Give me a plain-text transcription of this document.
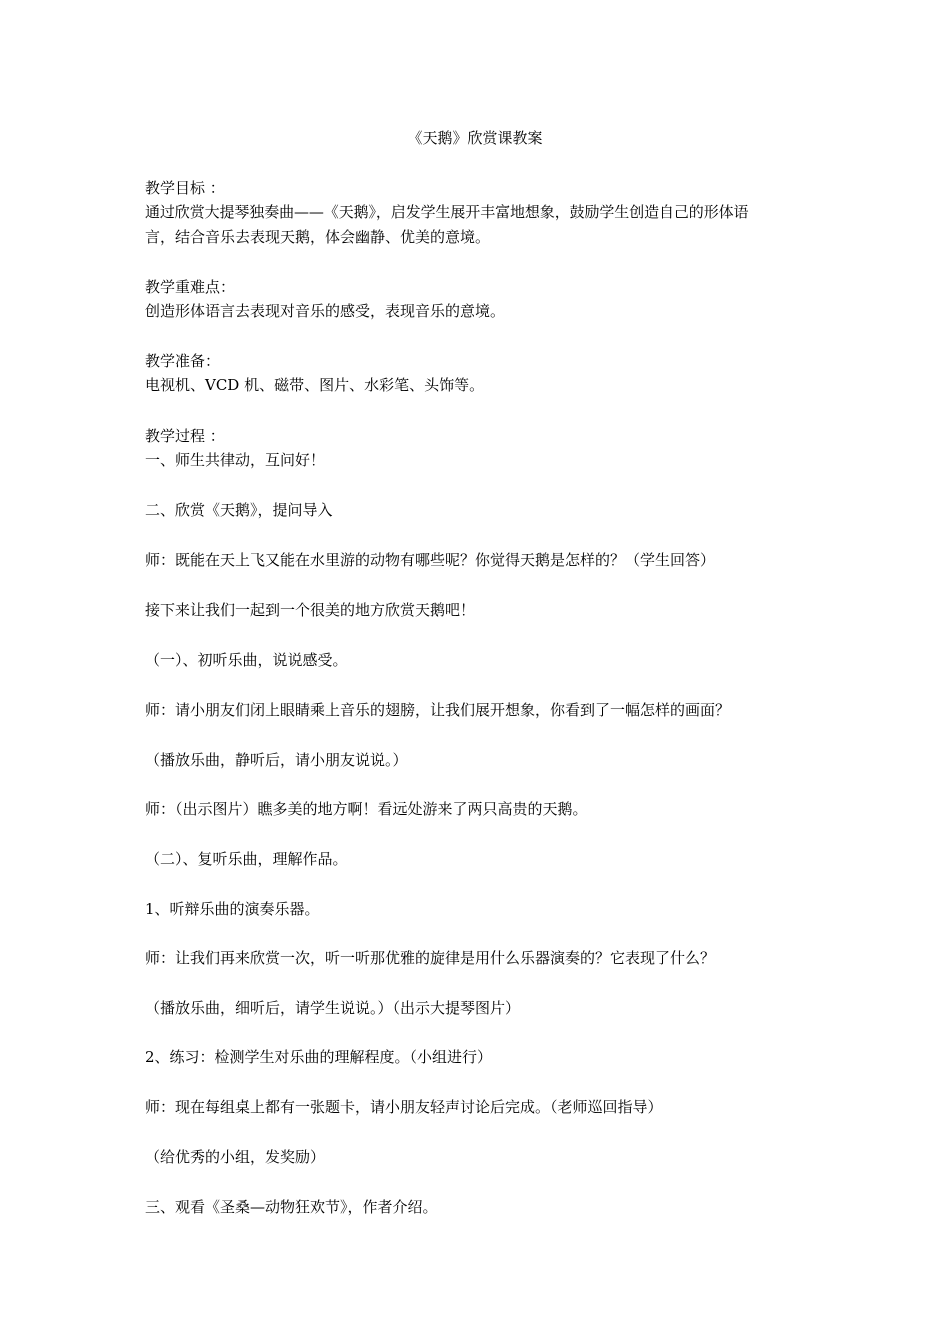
《天鹅》欣赏课教案
教学目标 ：
通过欣赏大提琴独奏曲——《天鹅》，启发学生展开丰富地想象，鼓励学生创造自己的形体语
言，结合音乐去表现天鹅，体会幽静、优美的意境。
教学重难点：
创造形体语言去表现对音乐的感受，表现音乐的意境。
教学准备：
电视机、VCD 机、磁带、图片、水彩笔、头饰等。
教学过程 ：
一、师生共律动，互问好！
二、欣赏《天鹅》，提问导入
师：既能在天上飞又能在水里游的动物有哪些呢？你觉得天鹅是怎样的？（学生回答）
接下来让我们一起到一个很美的地方欣赏天鹅吧！
（一）、初听乐曲，说说感受。
师：请小朋友们闭上眼睛乘上音乐的翅膀，让我们展开想象，你看到了一幅怎样的画面？
（播放乐曲，静听后，请小朋友说说。）
师：（出示图片）瞧多美的地方啊！看远处游来了两只高贵的天鹅。
（二）、复听乐曲，理解作品。
1、听辩乐曲的演奏乐器。
师：让我们再来欣赏一次，听一听那优雅的旋律是用什么乐器演奏的？它表现了什么？
（播放乐曲，细听后，请学生说说。）（出示大提琴图片）
2、练习：检测学生对乐曲的理解程度。（小组进行）
师：现在每组桌上都有一张题卡，请小朋友轻声讨论后完成。（老师巡回指导）
（给优秀的小组，发奖励）
三、观看《圣桑—动物狂欢节》，作者介绍。
